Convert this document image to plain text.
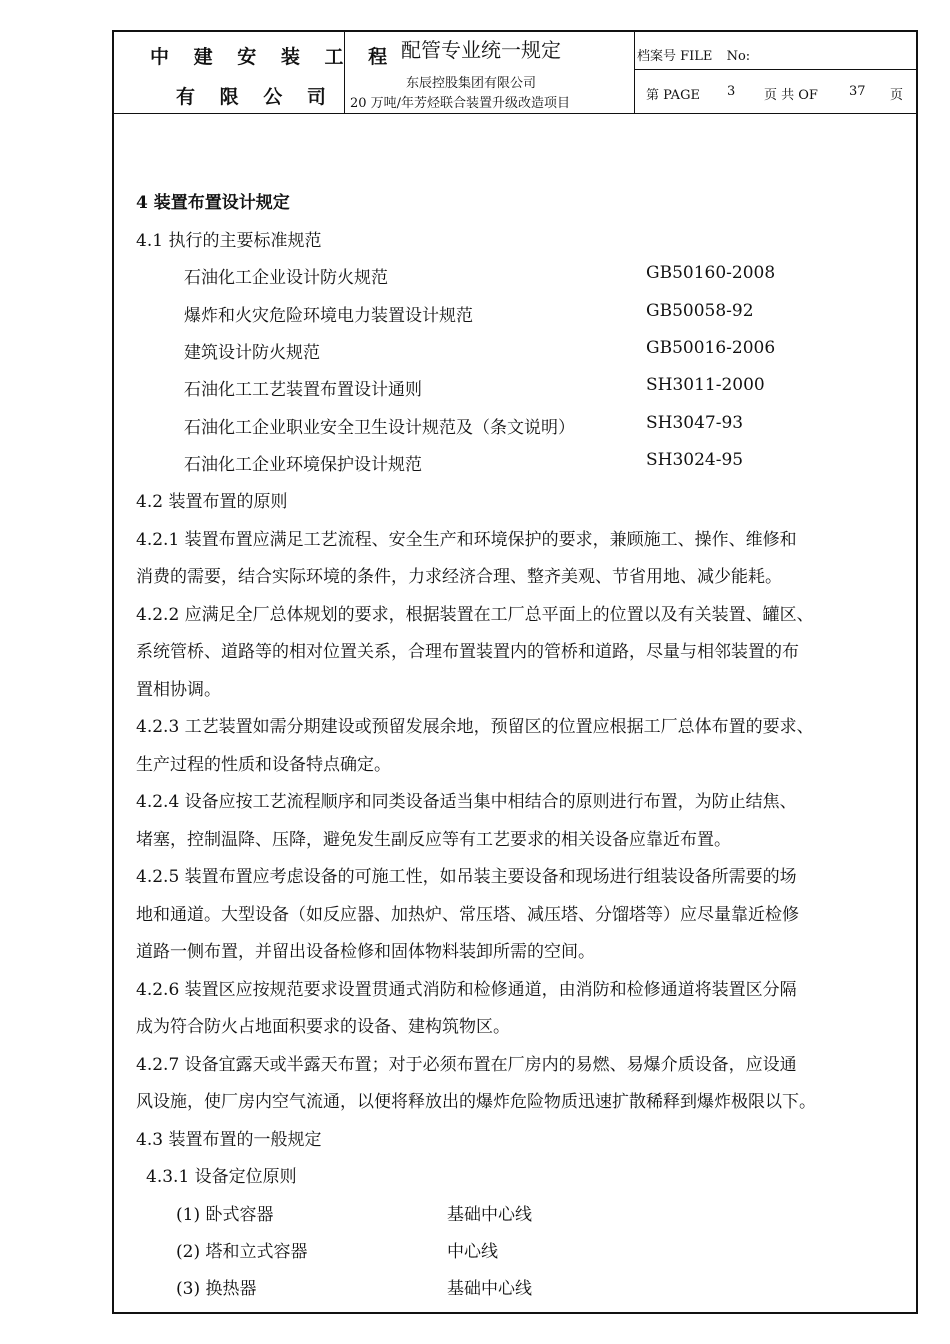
中 建 安 装 工 程
有 限 公 司
配管专业统一规定
东辰控股集团有限公司
20 万吨/年芳烃联合装置升级改造项目
档案号 FILE No:
第 PAGE 3 页 共 OF 37 页
4 装置布置设计规定
4.1 执行的主要标准规范
石油化工企业设计防火规范	GB50160-2008
爆炸和火灾危险环境电力装置设计规范	GB50058-92
建筑设计防火规范	GB50016-2006
石油化工工艺装置布置设计通则	SH3011-2000
石油化工企业职业安全卫生设计规范及（条文说明）	SH3047-93
石油化工企业环境保护设计规范	SH3024-95
4.2 装置布置的原则
4.2.1 装置布置应满足工艺流程、安全生产和环境保护的要求，兼顾施工、操作、维修和
消费的需要，结合实际环境的条件，力求经济合理、整齐美观、节省用地、减少能耗。
4.2.2 应满足全厂总体规划的要求，根据装置在工厂总平面上的位置以及有关装置、罐区、
系统管桥、道路等的相对位置关系，合理布置装置内的管桥和道路，尽量与相邻装置的布
置相协调。
4.2.3 工艺装置如需分期建设或预留发展余地，预留区的位置应根据工厂总体布置的要求、
生产过程的性质和设备特点确定。
4.2.4 设备应按工艺流程顺序和同类设备适当集中相结合的原则进行布置，为防止结焦、
堵塞，控制温降、压降，避免发生副反应等有工艺要求的相关设备应靠近布置。
4.2.5 装置布置应考虑设备的可施工性，如吊装主要设备和现场进行组装设备所需要的场
地和通道。大型设备（如反应器、加热炉、常压塔、减压塔、分馏塔等）应尽量靠近检修
道路一侧布置，并留出设备检修和固体物料装卸所需的空间。
4.2.6 装置区应按规范要求设置贯通式消防和检修通道，由消防和检修通道将装置区分隔
成为符合防火占地面积要求的设备、建构筑物区。
4.2.7 设备宜露天或半露天布置；对于必须布置在厂房内的易燃、易爆介质设备，应设通
风设施，使厂房内空气流通，以便将释放出的爆炸危险物质迅速扩散稀释到爆炸极限以下。
4.3 装置布置的一般规定
4.3.1 设备定位原则
(1) 卧式容器	基础中心线
(2) 塔和立式容器	中心线
(3) 换热器	基础中心线
